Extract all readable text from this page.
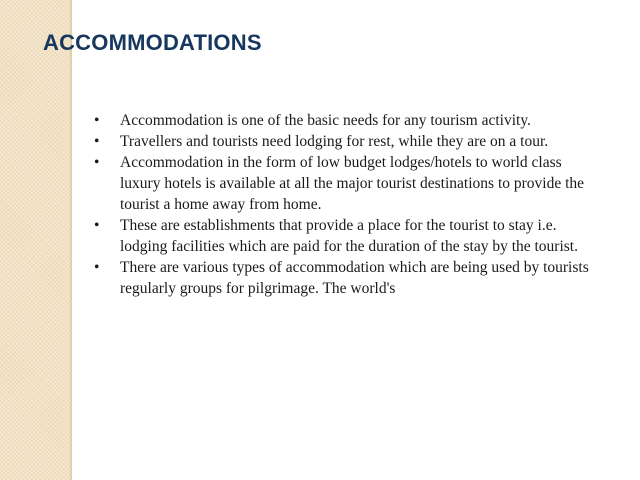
ACCOMMODATIONS
• Accommodation is one of the basic needs for any tourism activity.
• Travellers and tourists need lodging for rest, while they are on a tour.
• Accommodation in the form of low budget lodges/hotels to world class luxury hotels is available at all the major tourist destinations to provide the tourist a home away from home.
• These are establishments that provide a place for the tourist to stay i.e. lodging facilities which are paid for the duration of the stay by the tourist.
• There are various types of accommodation which are being used by tourists regularly groups for pilgrimage. The world's
